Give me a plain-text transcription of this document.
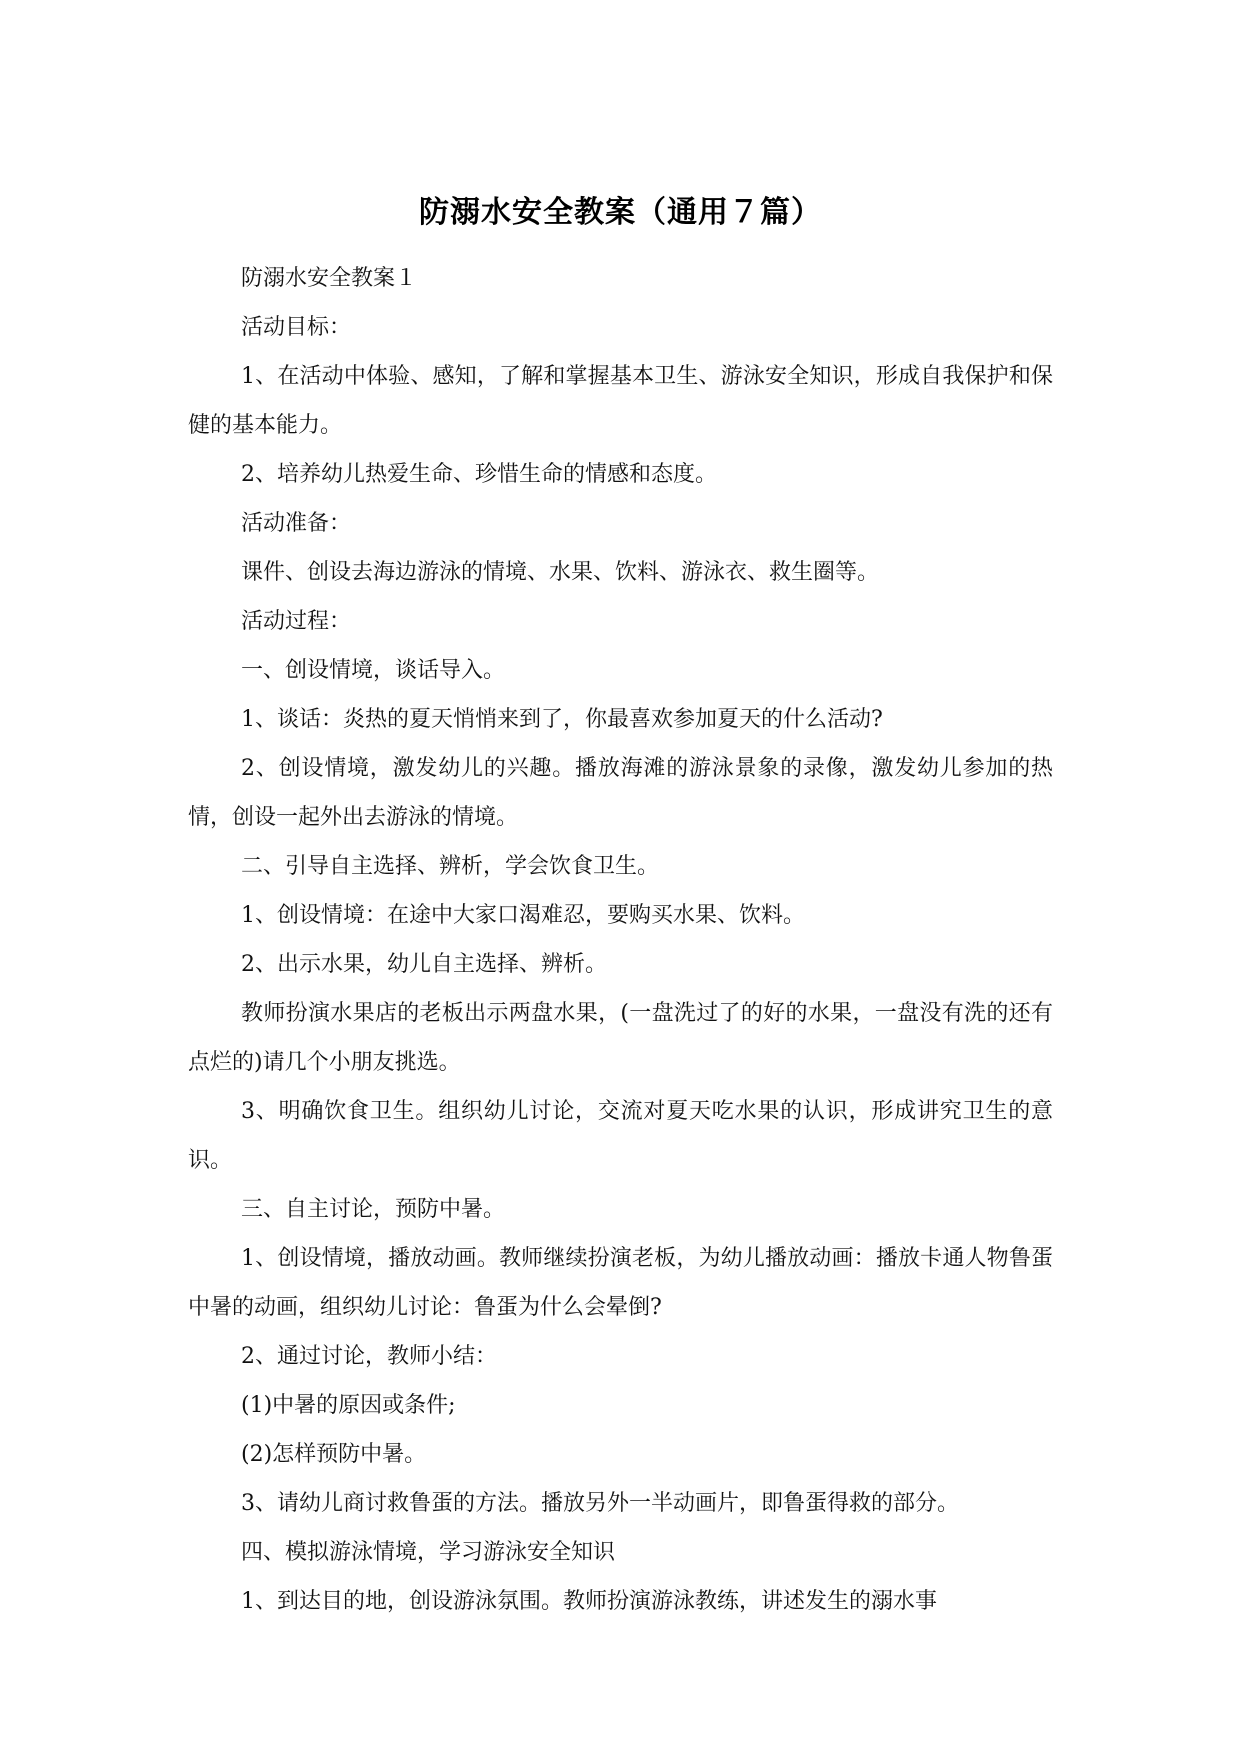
防溺水安全教案（通用７篇）

防溺水安全教案１

活动目标：

1、在活动中体验、感知，了解和掌握基本卫生、游泳安全知识，形成自我保护和保健的基本能力。

2、培养幼儿热爱生命、珍惜生命的情感和态度。

活动准备：

课件、创设去海边游泳的情境、水果、饮料、游泳衣、救生圈等。

活动过程：

一、创设情境，谈话导入。

1、谈话：炎热的夏天悄悄来到了，你最喜欢参加夏天的什么活动?

2、创设情境，激发幼儿的兴趣。播放海滩的游泳景象的录像，激发幼儿参加的热情，创设一起外出去游泳的情境。

二、引导自主选择、辨析，学会饮食卫生。

1、创设情境：在途中大家口渴难忍，要购买水果、饮料。

2、出示水果，幼儿自主选择、辨析。

教师扮演水果店的老板出示两盘水果，(一盘洗过了的好的水果，一盘没有洗的还有点烂的)请几个小朋友挑选。

3、明确饮食卫生。组织幼儿讨论，交流对夏天吃水果的认识，形成讲究卫生的意识。

三、自主讨论，预防中暑。

1、创设情境，播放动画。教师继续扮演老板，为幼儿播放动画：播放卡通人物鲁蛋中暑的动画，组织幼儿讨论：鲁蛋为什么会晕倒?

2、通过讨论，教师小结：

(1)中暑的原因或条件;

(2)怎样预防中暑。

3、请幼儿商讨救鲁蛋的方法。播放另外一半动画片，即鲁蛋得救的部分。

四、模拟游泳情境，学习游泳安全知识

1、到达目的地，创设游泳氛围。教师扮演游泳教练，讲述发生的溺水事
